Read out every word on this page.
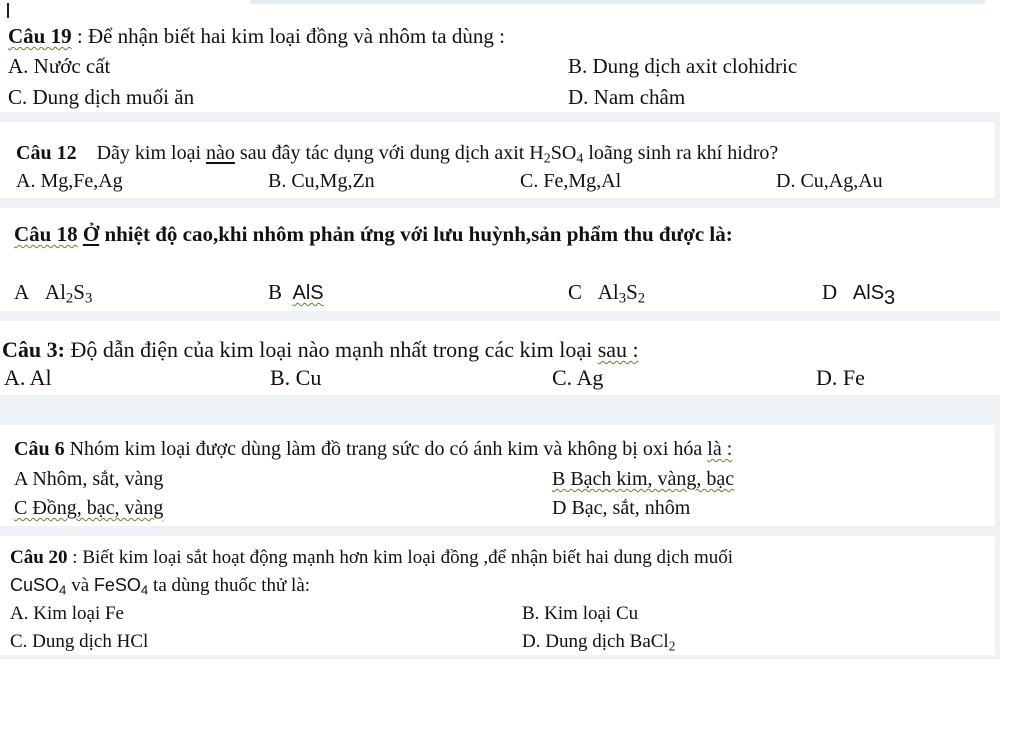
Câu 19 : Để nhận biết hai kim loại đồng và nhôm ta dùng :
A. Nước cất	B. Dung dịch axit clohidric
C. Dung dịch muối ăn	D. Nam châm
Câu 12 Dãy kim loại nào sau đây tác dụng với dung dịch axit $H_2SO_4$ loãng sinh ra khí hidro?
A. Mg,Fe,Ag	B. Cu,Mg,Zn	C. Fe,Mg,Al	D. Cu,Ag,Au
Câu 18 Ở nhiệt độ cao,khi nhôm phản ứng với lưu huỳnh,sản phẩm thu được là:
A $Al_2S_3$	B AlS	C $Al_3S_2$	D AlS$_3$
Câu 3: Độ dẫn điện của kim loại nào mạnh nhất trong các kim loại sau :
A. Al	B. Cu	C. Ag	D. Fe
Câu 6 Nhóm kim loại được dùng làm đồ trang sức do có ánh kim và không bị oxi hóa là :
A Nhôm, sắt, vàng	B Bạch kim, vàng, bạc
C Đồng, bạc, vàng	D Bạc, sắt, nhôm
Câu 20 : Biết kim loại sắt hoạt động mạnh hơn kim loại đồng ,để nhận biết hai dung dịch muối
CuSO$_4$ và FeSO$_4$ ta dùng thuốc thử là:
A. Kim loại Fe	B. Kim loại Cu
C. Dung dịch HCl	D. Dung dịch BaCl$_2$
